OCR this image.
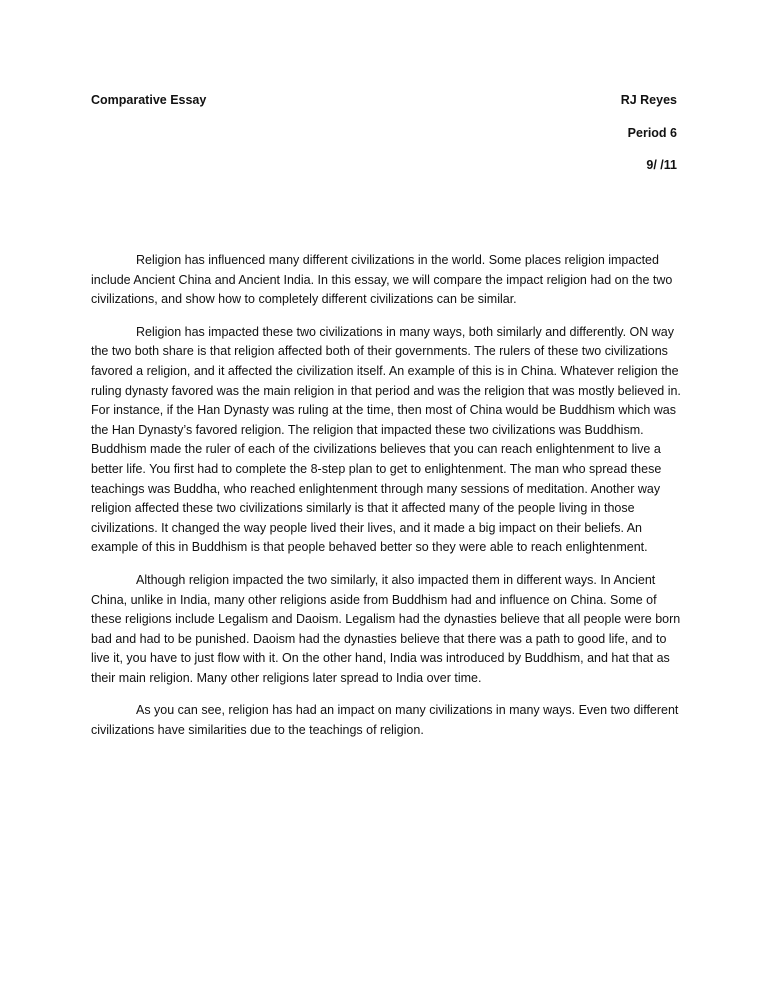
Comparative Essay	RJ Reyes
Period 6
9/ /11

Religion has influenced many different civilizations in the world. Some places religion impacted include Ancient China and Ancient India. In this essay, we will compare the impact religion had on the two civilizations, and show how to completely different civilizations can be similar.

Religion has impacted these two civilizations in many ways, both similarly and differently. ON way the two both share is that religion affected both of their governments. The rulers of these two civilizations favored a religion, and it affected the civilization itself. An example of this is in China. Whatever religion the ruling dynasty favored was the main religion in that period and was the religion that was mostly believed in. For instance, if the Han Dynasty was ruling at the time, then most of China would be Buddhism which was the Han Dynasty’s favored religion. The religion that impacted these two civilizations was Buddhism. Buddhism made the ruler of each of the civilizations believes that you can reach enlightenment to live a better life. You first had to complete the 8-step plan to get to enlightenment. The man who spread these teachings was Buddha, who reached enlightenment through many sessions of meditation. Another way religion affected these two civilizations similarly is that it affected many of the people living in those civilizations. It changed the way people lived their lives, and it made a big impact on their beliefs. An example of this in Buddhism is that people behaved better so they were able to reach enlightenment.

Although religion impacted the two similarly, it also impacted them in different ways. In Ancient China, unlike in India, many other religions aside from Buddhism had and influence on China. Some of these religions include Legalism and Daoism. Legalism had the dynasties believe that all people were born bad and had to be punished. Daoism had the dynasties believe that there was a path to good life, and to live it, you have to just flow with it. On the other hand, India was introduced by Buddhism, and hat that as their main religion. Many other religions later spread to India over time.

As you can see, religion has had an impact on many civilizations in many ways. Even two different civilizations have similarities due to the teachings of religion.
